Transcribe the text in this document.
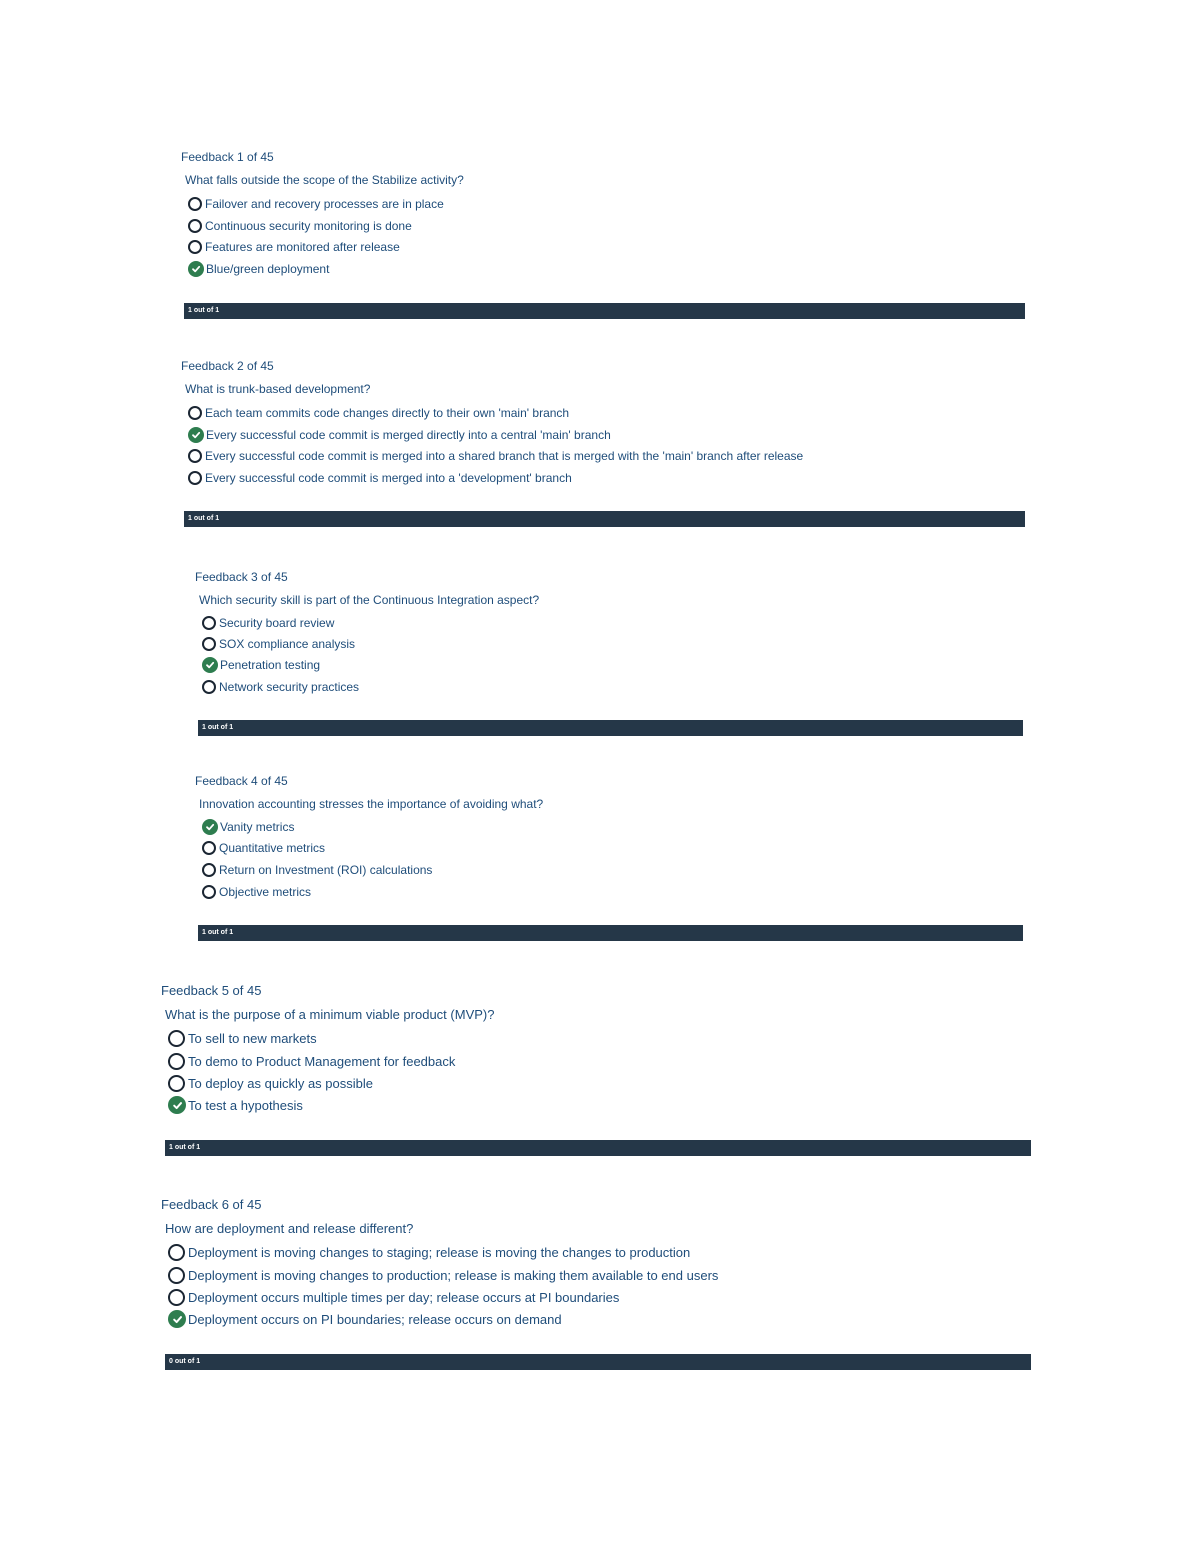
Feedback 1 of 45
What falls outside the scope of the Stabilize activity?
Failover and recovery processes are in place
Continuous security monitoring is done
Features are monitored after release
Blue/green deployment
1 out of 1
Feedback 2 of 45
What is trunk-based development?
Each team commits code changes directly to their own 'main' branch
Every successful code commit is merged directly into a central 'main' branch
Every successful code commit is merged into a shared branch that is merged with the 'main' branch after release
Every successful code commit is merged into a 'development' branch
1 out of 1
Feedback 3 of 45
Which security skill is part of the Continuous Integration aspect?
Security board review
SOX compliance analysis
Penetration testing
Network security practices
1 out of 1
Feedback 4 of 45
Innovation accounting stresses the importance of avoiding what?
Vanity metrics
Quantitative metrics
Return on Investment (ROI) calculations
Objective metrics
1 out of 1
Feedback 5 of 45
What is the purpose of a minimum viable product (MVP)?
To sell to new markets
To demo to Product Management for feedback
To deploy as quickly as possible
To test a hypothesis
1 out of 1
Feedback 6 of 45
How are deployment and release different?
Deployment is moving changes to staging; release is moving the changes to production
Deployment is moving changes to production; release is making them available to end users
Deployment occurs multiple times per day; release occurs at PI boundaries
Deployment occurs on PI boundaries; release occurs on demand
0 out of 1
